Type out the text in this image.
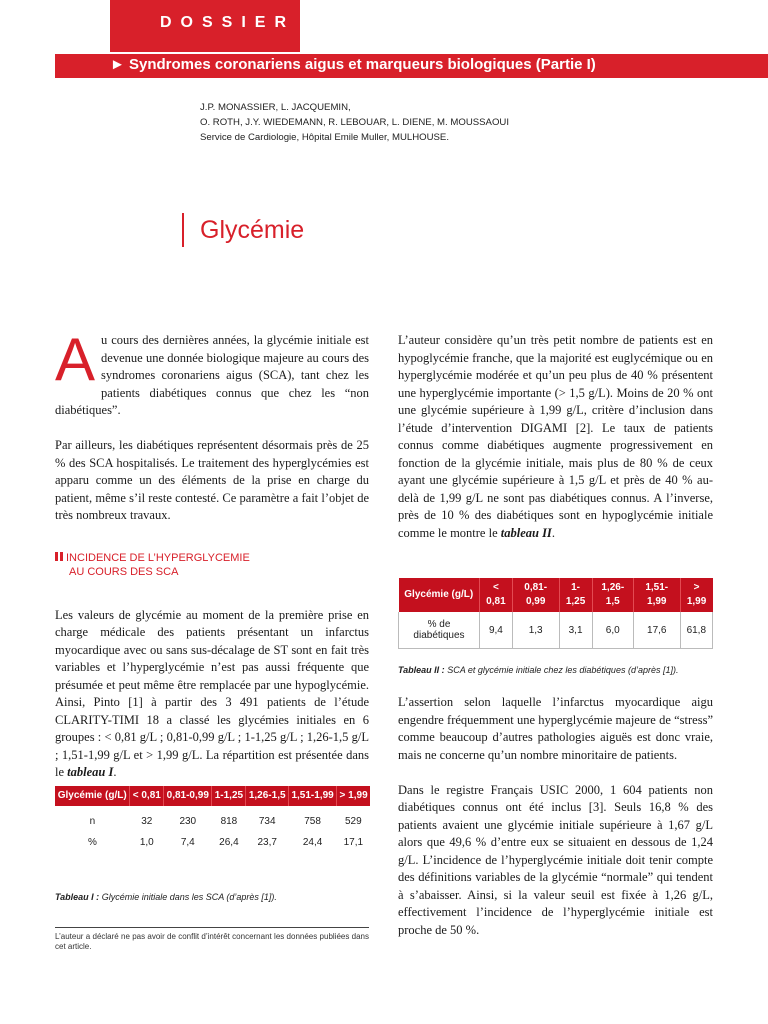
DOSSIER
► Syndromes coronariens aigus et marqueurs biologiques (Partie I)
J.P. MONASSIER, L. JACQUEMIN,
O. ROTH, J.Y. WIEDEMANN, R. LEBOUAR, L. DIENE, M. MOUSSAOUI
Service de Cardiologie, Hôpital Emile Muller, MULHOUSE.
Glycémie

Au cours des dernières années, la glycémie initiale est devenue une donnée biologique majeure au cours des syndromes coronariens aigus (SCA), tant chez les patients diabétiques connus que chez les “non diabétiques”.

Par ailleurs, les diabétiques représentent désormais près de 25 % des SCA hospitalisés. Le traitement des hyperglycémies est apparu comme un des éléments de la prise en charge du patient, même s’il reste contesté. Ce paramètre a fait l’objet de très nombreux travaux.

INCIDENCE DE L’HYPERGLYCEMIE
AU COURS DES SCA

Les valeurs de glycémie au moment de la première prise en charge médicale des patients présentant un infarctus myocardique avec ou sans sus-décalage de ST sont en fait très variables et l’hyperglycémie n’est pas aussi fréquente que présumée et peut même être remplacée par une hypoglycémie. Ainsi, Pinto [1] à partir des 3 491 patients de l’étude CLARITY-TIMI 18 a classé les glycémies initiales en 6 groupes : < 0,81 g/L ; 0,81-0,99 g/L ; 1-1,25 g/L ; 1,26-1,5 g/L ; 1,51-1,99 g/L et > 1,99 g/L. La répartition est présentée dans le tableau I.

L’auteur considère qu’un très petit nombre de patients est en hypoglycémie franche, que la majorité est euglycémique ou en hyperglycémie modérée et qu’un peu plus de 40 % présentent une hyperglycémie importante (> 1,5 g/L). Moins de 20 % ont une glycémie supérieure à 1,99 g/L, critère d’inclusion dans l’étude d’intervention DIGAMI [2]. Le taux de patients connus comme diabétiques augmente progressivement en fonction de la glycémie initiale, mais plus de 80 % de ceux ayant une glycémie supérieure à 1,5 g/L et près de 40 % au-delà de 1,99 g/L ne sont pas diabétiques connus. A l’inverse, près de 10 % des diabétiques sont en hypoglycémie initiale comme le montre le tableau II.

Glycémie (g/L)	< 0,81	0,81-0,99	1-1,25	1,26-1,5	1,51-1,99	> 1,99
% de diabétiques	9,4	1,3	3,1	6,0	17,6	61,8
Tableau II : SCA et glycémie initiale chez les diabétiques (d’après [1]).

L’assertion selon laquelle l’infarctus myocardique aigu engendre fréquemment une hyperglycémie majeure de “stress” comme beaucoup d’autres pathologies aiguës est donc vraie, mais ne concerne qu’un nombre minoritaire de patients.

Dans le registre Français USIC 2000, 1 604 patients non diabétiques connus ont été inclus [3]. Seuls 16,8 % des patients avaient une glycémie initiale supérieure à 1,67 g/L alors que 49,6 % d’entre eux se situaient en dessous de 1,24 g/L. L’incidence de l’hyperglycémie initiale doit tenir compte des définitions variables de la glycémie “normale” qui tendent à s’abaisser. Ainsi, si la valeur seuil est fixée à 1,26 g/L, effectivement l’incidence de l’hyperglycémie initiale est proche de 50 %.

Glycémie (g/L)	< 0,81	0,81-0,99	1-1,25	1,26-1,5	1,51-1,99	> 1,99
n	32	230	818	734	758	529
%	1,0	7,4	26,4	23,7	24,4	17,1
Tableau I : Glycémie initiale dans les SCA (d’après [1]).
L’auteur a déclaré ne pas avoir de conflit d’intérêt concernant les données publiées dans cet article.
